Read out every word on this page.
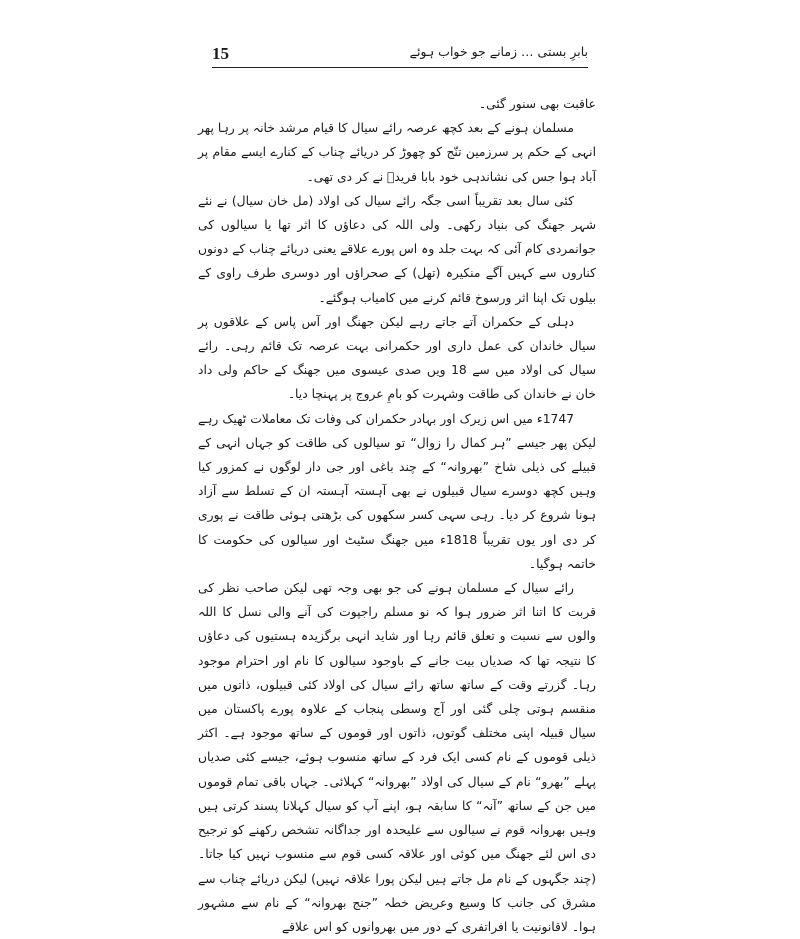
15	بابرِ بستی … زمانے جو خواب ہوئے

عاقبت بھی سنور گئی۔

مسلمان ہونے کے بعد کچھ عرصہ رائے سیال کا قیام مرشد خانہ پر رہا پھر انہی کے حکم پر سرزمین تنّج کو چھوڑ کر دریائے چناب کے کنارے ایسے مقام پر آباد ہوا جس کی نشاندہی خود بابا فریدؒ نے کر دی تھی۔

کئی سال بعد تقریباً اسی جگہ رائے سیال کی اولاد (مل خان سیال) نے نئے شہر جھنگ کی بنیاد رکھی۔ ولی اللہ کی دعاؤں کا اثر تھا یا سیالوں کی جوانمردی کام آئی کہ بہت جلد وہ اس پورے علاقے یعنی دریائے چناب کے دونوں کناروں سے کہیں آگے منکیرہ (تھل) کے صحراؤں اور دوسری طرف راوی کے بیلوں تک اپنا اثر ورسوخ قائم کرنے میں کامیاب ہوگئے۔

دہلی کے حکمران آتے جاتے رہے لیکن جھنگ اور آس پاس کے علاقوں پر سیال خاندان کی عمل داری اور حکمرانی بہت عرصہ تک قائم رہی۔ رائے سیال کی اولاد میں سے 18 ویں صدی عیسوی میں جھنگ کے حاکم ولی داد خان نے خاندان کی طاقت وشہرت کو بامِ عروج پر پہنچا دیا۔

1747ء میں اس زیرک اور بہادر حکمران کی وفات تک معاملات ٹھیک رہے لیکن پھر جیسے ”ہر کمال را زوال“ تو سیالوں کی طاقت کو جہاں انہی کے قبیلے کی ذیلی شاخ ”بھروانہ“ کے چند باغی اور جی دار لوگوں نے کمزور کیا وہیں کچھ دوسرے سیال قبیلوں نے بھی آہستہ آہستہ ان کے تسلط سے آزاد ہونا شروع کر دیا۔ رہی سہی کسر سکھوں کی بڑھتی ہوئی طاقت نے پوری کر دی اور یوں تقریباً 1818ء میں جھنگ سٹیٹ اور سیالوں کی حکومت کا خاتمہ ہوگیا۔

رائے سیال کے مسلمان ہونے کی جو بھی وجہ تھی لیکن صاحب نظر کی قربت کا اتنا اثر ضرور ہوا کہ نو مسلم راجپوت کی آنے والی نسل کا اللہ والوں سے نسبت و تعلق قائم رہا اور شاید انہی برگزیدہ ہستیوں کی دعاؤں کا نتیجہ تھا کہ صدیاں بیت جانے کے باوجود سیالوں کا نام اور احترام موجود رہا۔ گزرتے وقت کے ساتھ ساتھ رائے سیال کی اولاد کئی قبیلوں، ذاتوں میں منقسم ہوتی چلی گئی اور آج وسطی پنجاب کے علاوہ پورے پاکستان میں سیال قبیلہ اپنی مختلف گوتوں، ذاتوں اور قوموں کے ساتھ موجود ہے۔ اکثر ذیلی قوموں کے نام کسی ایک فرد کے ساتھ منسوب ہوئے، جیسے کئی صدیاں پہلے ”بھرو“ نام کے سیال کی اولاد ”بھروانہ“ کہلائی۔ جہاں باقی تمام قوموں میں جن کے ساتھ ”آنہ“ کا سابقہ ہو، اپنے آپ کو سیال کہلانا پسند کرتی ہیں وہیں بھروانہ قوم نے سیالوں سے علیحدہ اور جداگانہ تشخص رکھنے کو ترجیح دی اس لئے جھنگ میں کوئی اور علاقہ کسی قوم سے منسوب نہیں کیا جاتا۔ (چند جگہوں کے نام مل جاتے ہیں لیکن پورا علاقہ نہیں) لیکن دریائے چناب سے مشرق کی جانب کا وسیع وعریض خطہ ”جنج بھروانہ“ کے نام سے مشہور ہوا۔ لاقانونیت یا افراتفری کے دور میں بھروانوں کو اس علاقے
